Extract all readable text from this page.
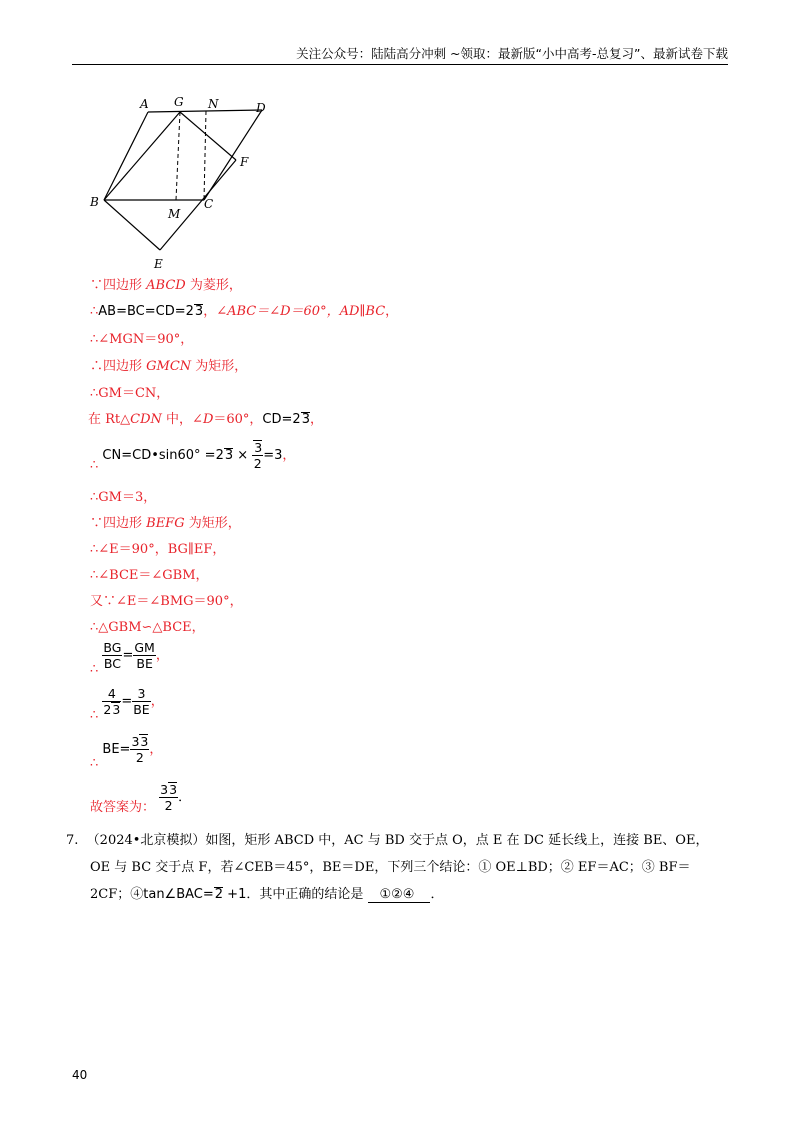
关注公众号：陆陆高分冲刺 ~领取：最新版“小中高考-总复习”、最新试卷下载
A G N	D
F
B
M
C
E
∵四边形 ABCD 为菱形，
∴AB=BC=CD=23，∠ABC＝∠D＝60°，AD∥BC，
∴∠MGN＝90°，
∴四边形 GMCN 为矩形，
∴GM＝CN，
在 Rt△CDN 中，∠D＝60°，CD=23，
∴ CN=CD•sin60° $=23 \times \frac{3}{2} =3$，
∴GM＝3，
∵四边形 BEFG 为矩形，
∴∠E＝90°，BG∥EF，
∴∠BCE＝∠GBM，
又∵∠E＝∠BMG＝90°，
∴△GBM∽△BCE，
∴ $\frac{BG}{BC} = \frac{GM}{BE}$ ，
∴ $\frac{4}{23} = \frac{3}{BE}$ ，
∴ $BE= \frac{33}{2}$ ，
故答案为： $\frac{33}{2}$ ．
7. （2024•北京模拟）如图，矩形 ABCD 中，AC 与 BD 交于点 O，点 E 在 DC 延长线上，连接 BE、OE，
OE 与 BC 交于点 F，若∠CEB＝45°，BE＝DE，下列三个结论：① OE⊥BD；② EF＝AC；③ BF＝
2CF；④tan∠BAC=2 +1．其中正确的结论是 ①②④ ．
40
